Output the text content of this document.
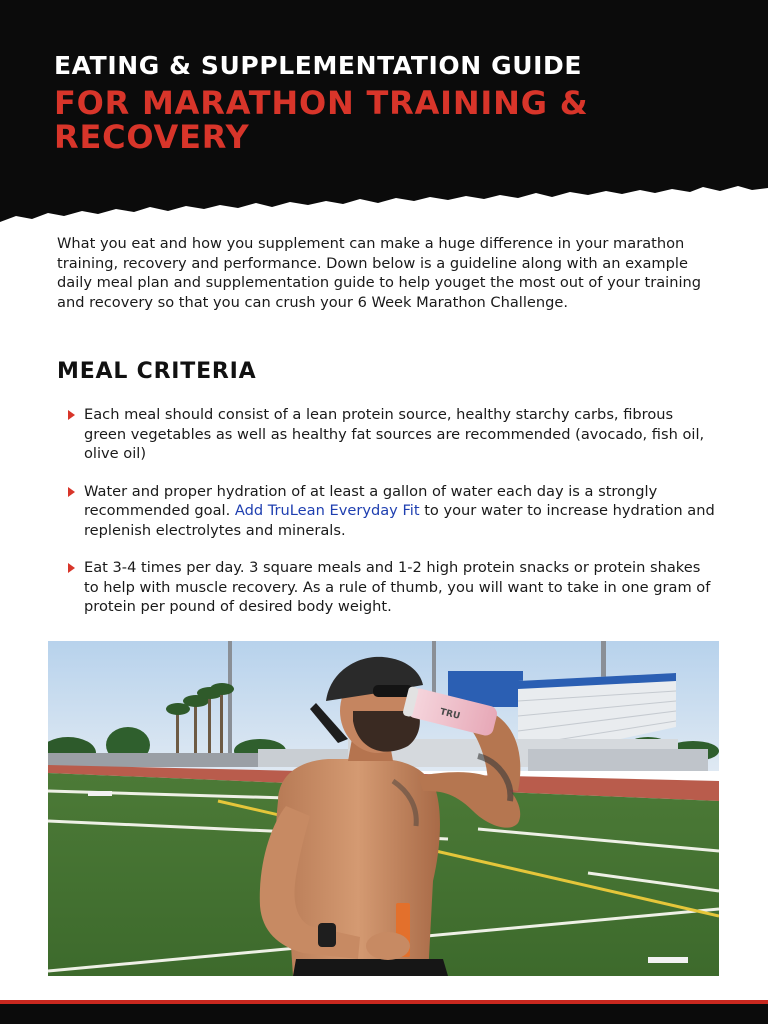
EATING & SUPPLEMENTATION GUIDE
FOR MARATHON TRAINING & RECOVERY

What you eat and how you supplement can make a huge difference in your marathon training, recovery and performance. Down below is a guideline along with an example daily meal plan and supplementation guide to help youget the most out of your training and recovery so that you can crush your 6 Week Marathon Challenge.

MEAL CRITERIA
Each meal should consist of a lean protein source, healthy starchy carbs, fibrous green vegetables as well as healthy fat sources are recommended (avocado, fish oil, olive oil)
Water and proper hydration of at least a gallon of water each day is a strongly recommended goal. Add TruLean Everyday Fit to your water to increase hydration and replenish electrolytes and minerals.
Eat 3-4 times per day. 3 square meals and 1-2 high protein snacks or protein shakes to help with muscle recovery. As a rule of thumb, you will want to take in one gram of protein per pound of desired body weight.
TRU
